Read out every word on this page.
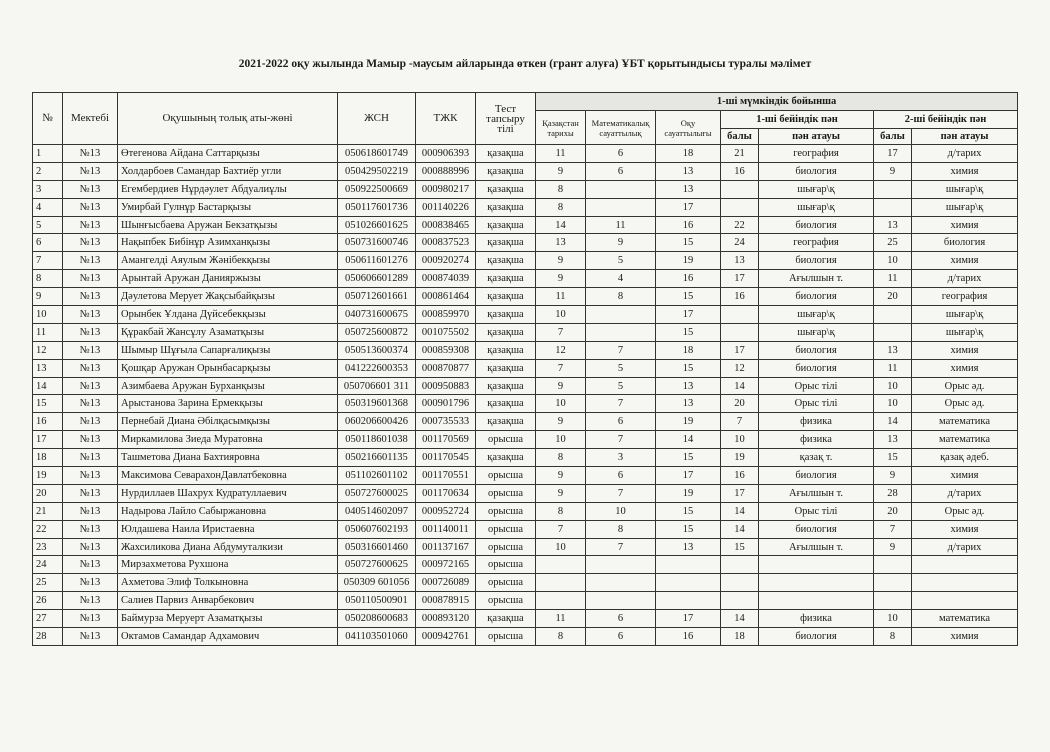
2021-2022 оқу жылында Мамыр -маусым айларында өткен (грант алуға) ҰБТ қорытындысы туралы мәлімет
№	Мектебі	Оқушының толық аты-жөні	ЖСН	ТЖК	Тест тапсыру тілі	1-ші мүмкіндік бойынша						
						Қазақстан тарихы	Математикалық сауаттылық	Оқу сауаттылығы	1-ші бейіндік пән		2-ші бейіндік пән	
									балы	пән атауы	балы	пән атауы
1	№13	Өтегенова Айдана Саттарқызы	050618601749	000906393	қазақша	11	6	18	21	география	17	д/тарих
2	№13	Холдарбоев Самандар Бахтиёр угли	050429502219	000888996	қазақша	9	6	13	16	биология	9	химия
3	№13	Егембердиев Нұрдәулет Абдуалиұлы	050922500669	000980217	қазақша	8		13		шығар\қ		шығар\қ
4	№13	Умирбай Гулнұр Бастарқызы	050117601736	001140226	қазақша	8		17		шығар\қ		шығар\қ
5	№13	Шынғысбаева Аружан Бекзатқызы	051026601625	000838465	қазақша	14	11	16	22	биология	13	химия
6	№13	Нақыпбек Бибінұр Азимханқызы	050731600746	000837523	қазақша	13	9	15	24	география	25	биология
7	№13	Амангелді Аяулым Жәнібекқызы	050611601276	000920274	қазақша	9	5	19	13	биология	10	химия
8	№13	Арынтай Аружан Данияржызы	050606601289	000874039	қазақша	9	4	16	17	Ағылшын т.	11	д/тарих
9	№13	Дәулетова Мерует Жақсыбайқызы	050712601661	000861464	қазақша	11	8	15	16	биология	20	география
10	№13	Орынбек Ұлдана Дүйсебекқызы	040731600675	000859970	қазақша	10		17		шығар\қ		шығар\қ
11	№13	Құракбай Жансұлу Азаматқызы	050725600872	001075502	қазақша	7		15		шығар\қ		шығар\қ
12	№13	Шымыр Шұғыла Сапарғалиқызы	050513600374	000859308	қазақша	12	7	18	17	биология	13	химия
13	№13	Қошқар Аружан Орынбасарқызы	041222600353	000870877	қазақша	7	5	15	12	биология	11	химия
14	№13	Азимбаева Аружан Бурханқызы	050706601 311	000950883	қазақша	9	5	13	14	Орыс тілі	10	Орыс әд.
15	№13	Арыстанова Зарина Ермекқызы	050319601368	000901796	қазақша	10	7	13	20	Орыс тілі	10	Орыс әд.
16	№13	Пернебай Диана Әбілқасымқызы	060206600426	000735533	қазақша	9	6	19	7	физика	14	математика
17	№13	Миркамилова Зиеда Муратовна	050118601038	001170569	орысша	10	7	14	10	физика	13	математика
18	№13	Ташметова Диана Бахтияровна	050216601135	001170545	қазақша	8	3	15	19	қазақ т.	15	қазақ әдеб.
19	№13	Максимова СеварахонДавлатбековна	051102601102	001170551	орысша	9	6	17	16	биология	9	химия
20	№13	Нурдиллаев Шахрух Кудратуллаевич	050727600025	001170634	орысша	9	7	19	17	Ағылшын т.	28	д/тарих
21	№13	Надырова Лайло Сабыржановна	040514602097	000952724	орысша	8	10	15	14	Орыс тілі	20	Орыс әд.
22	№13	Юлдашева Наила Иристаевна	050607602193	001140011	орысша	7	8	15	14	биология	7	химия
23	№13	Жахсиликова Диана Абдумуталкизи	050316601460	001137167	орысша	10	7	13	15	Ағылшын т.	9	д/тарих
24	№13	Мирзахметова Рухшона	050727600625	000972165	орысша							
25	№13	Ахметова Элиф Толкыновна	050309 601056	000726089	орысша							
26	№13	Салиев Парвиз Анварбекович	050110500901	000878915	орысша							
27	№13	Баймурза Меруерт Азаматқызы	050208600683	000893120	қазақша	11	6	17	14	физика	10	математика
28	№13	Октамов Самандар Адхамович	041103501060	000942761	орысша	8	6	16	18	биология	8	химия
